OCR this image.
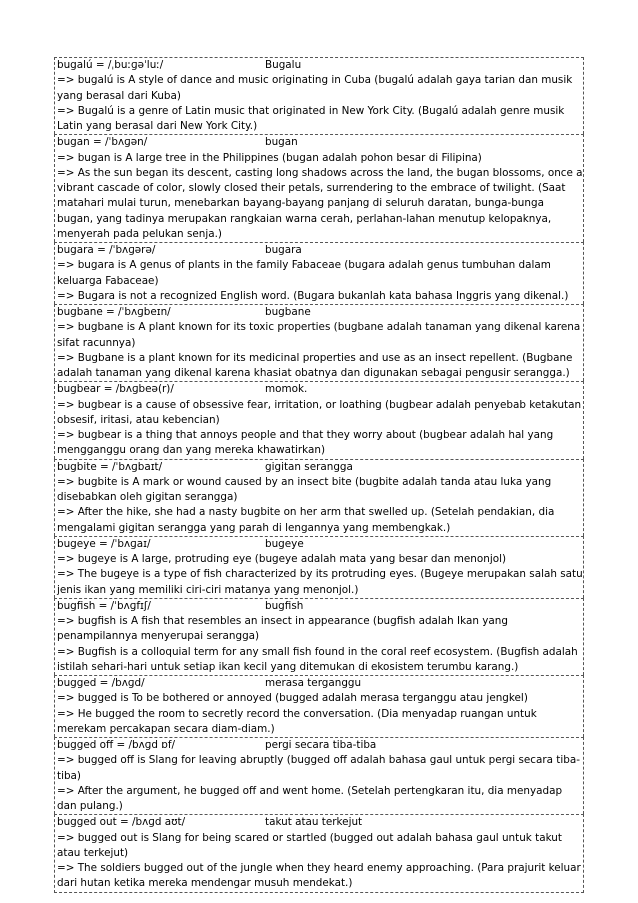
bugalú = /ˌbuːɡəˈluː/	Bugalu
=> bugalú is A style of dance and music originating in Cuba (bugalú adalah gaya tarian dan musik yang berasal dari Kuba)
=> Bugalú is a genre of Latin music that originated in New York City. (Bugalú adalah genre musik Latin yang berasal dari New York City.)
bugan = /ˈbʌɡən/	bugan
=> bugan is A large tree in the Philippines (bugan adalah pohon besar di Filipina)
=> As the sun began its descent, casting long shadows across the land, the bugan blossoms, once a vibrant cascade of color, slowly closed their petals, surrendering to the embrace of twilight. (Saat matahari mulai turun, menebarkan bayang-bayang panjang di seluruh daratan, bunga-bunga bugan, yang tadinya merupakan rangkaian warna cerah, perlahan-lahan menutup kelopaknya, menyerah pada pelukan senja.)
bugara = /ˈbʌɡərə/	bugara
=> bugara is A genus of plants in the family Fabaceae (bugara adalah genus tumbuhan dalam keluarga Fabaceae)
=> Bugara is not a recognized English word. (Bugara bukanlah kata bahasa Inggris yang dikenal.)
bugbane = /ˈbʌɡbeɪn/	bugbane
=> bugbane is A plant known for its toxic properties (bugbane adalah tanaman yang dikenal karena sifat racunnya)
=> Bugbane is a plant known for its medicinal properties and use as an insect repellent. (Bugbane adalah tanaman yang dikenal karena khasiat obatnya dan digunakan sebagai pengusir serangga.)
bugbear = /bʌɡbeə(r)/	momok.
=> bugbear is a cause of obsessive fear, irritation, or loathing (bugbear adalah penyebab ketakutan obsesif, iritasi, atau kebencian)
=> bugbear is a thing that annoys people and that they worry about (bugbear adalah hal yang mengganggu orang dan yang mereka khawatirkan)
bugbite = /ˈbʌɡbaɪt/	gigitan serangga
=> bugbite is A mark or wound caused by an insect bite (bugbite adalah tanda atau luka yang disebabkan oleh gigitan serangga)
=> After the hike, she had a nasty bugbite on her arm that swelled up. (Setelah pendakian, dia mengalami gigitan serangga yang parah di lengannya yang membengkak.)
bugeye = /ˈbʌɡaɪ/	bugeye
=> bugeye is A large, protruding eye (bugeye adalah mata yang besar dan menonjol)
=> The bugeye is a type of fish characterized by its protruding eyes. (Bugeye merupakan salah satu jenis ikan yang memiliki ciri-ciri matanya yang menonjol.)
bugfish = /ˈbʌɡfɪʃ/	bugfish
=> bugfish is A fish that resembles an insect in appearance (bugfish adalah Ikan yang penampilannya menyerupai serangga)
=> Bugfish is a colloquial term for any small fish found in the coral reef ecosystem. (Bugfish adalah istilah sehari-hari untuk setiap ikan kecil yang ditemukan di ekosistem terumbu karang.)
bugged = /bʌɡd/	merasa terganggu
=> bugged is To be bothered or annoyed (bugged adalah merasa terganggu atau jengkel)
=> He bugged the room to secretly record the conversation. (Dia menyadap ruangan untuk merekam percakapan secara diam-diam.)
bugged off = /bʌɡd ɒf/	pergi secara tiba-tiba
=> bugged off is Slang for leaving abruptly (bugged off adalah bahasa gaul untuk pergi secara tiba-tiba)
=> After the argument, he bugged off and went home. (Setelah pertengkaran itu, dia menyadap dan pulang.)
bugged out = /bʌɡd aʊt/	takut atau terkejut
=> bugged out is Slang for being scared or startled (bugged out adalah bahasa gaul untuk takut atau terkejut)
=> The soldiers bugged out of the jungle when they heard enemy approaching. (Para prajurit keluar dari hutan ketika mereka mendengar musuh mendekat.)
